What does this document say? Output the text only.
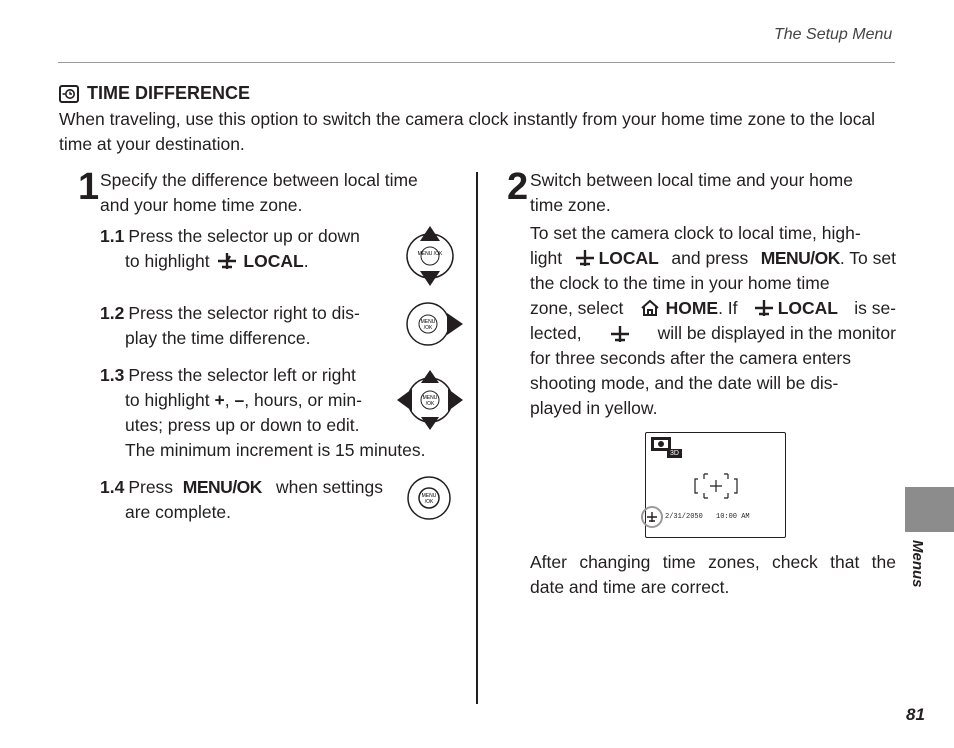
The Setup Menu
TIME DIFFERENCE
When traveling, use this option to switch the camera clock instantly from your home time zone to the local time at your destination.
1 Specify the difference between local time
and your home time zone.
1.1 Press the selector up or down
to highlight LOCAL.
1.2 Press the selector right to dis-
play the time difference.
1.3 Press the selector left or right
to highlight +, –, hours, or min-
utes; press up or down to edit.
The minimum increment is 15 minutes.
1.4 Press MENU/OK when settings
are complete.
MENU /OK
MENU
/OK
MENU
/OK
MENU
/OK
2 Switch between local time and your home
time zone.
To set the camera clock to local time, high-
light	LOCAL and press MENU/OK. To set
the clock to the time in your home time
zone, select	HOME. If	LOCAL is se-
lected,	will be displayed in the monitor
for three seconds after the camera enters
shooting mode, and the date will be dis-
played in yellow.
3D
2/31/2050 10:00 AM
After changing time zones, check that the
date and time are correct.	Menus
81
